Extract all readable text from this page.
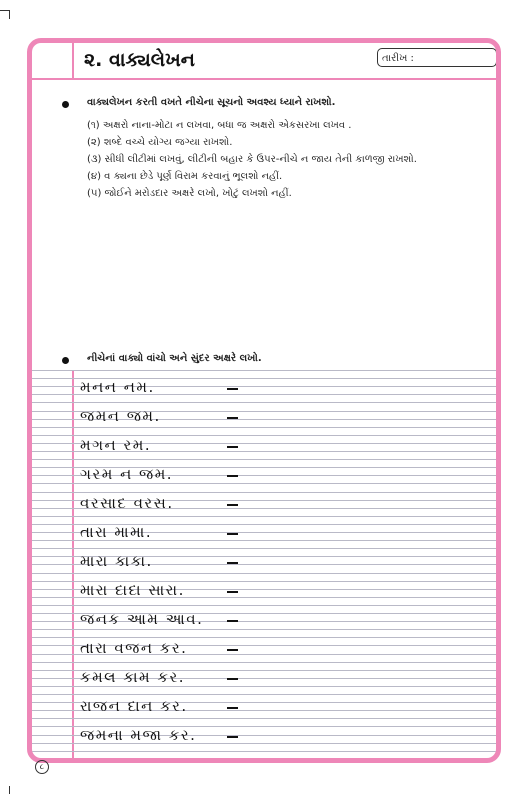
૨. વાક્યલેખન	તારીખ :
વાક્યલેખન કરતી વખતે નીચેના સૂચનો અવશ્ય ધ્યાને રાખશો.
(૧) અક્ષરો નાના-મોટા ન લખવા, બધા જ અક્ષરો એકસરખા લખવ .
(૨) શબ્દે વચ્ચે યોગ્ય જગ્યા રાખશો.
(૩) સીધી લીટીમાં લખવું, લીટીની બહાર કે ઉપર-નીચે ન જાય તેની કાળજી રાખશો.
(૪) વ ક્યના છેડે પૂર્ણ વિરામ કરવાનું ભૂલશો નહીં.
(૫) જોઈને મરોડદાર અક્ષરે લખો, ખોટું લખશો નહીં.
નીચેનાં વાક્યો વાંચો અને સુંદર અક્ષરે લખો.
મનન નમ.
જમન જમ.
મગન રમ.
ગરમ ન જમ.
વરસાદ વરસ.
તારા મામા.
મારા કાકા.
મારા દાદા સારા.
જનક આમ આવ.
તારા વજન કર.
કમલ કામ કર.
રાજન દાન કર.
જમના મજા કર.
૮
